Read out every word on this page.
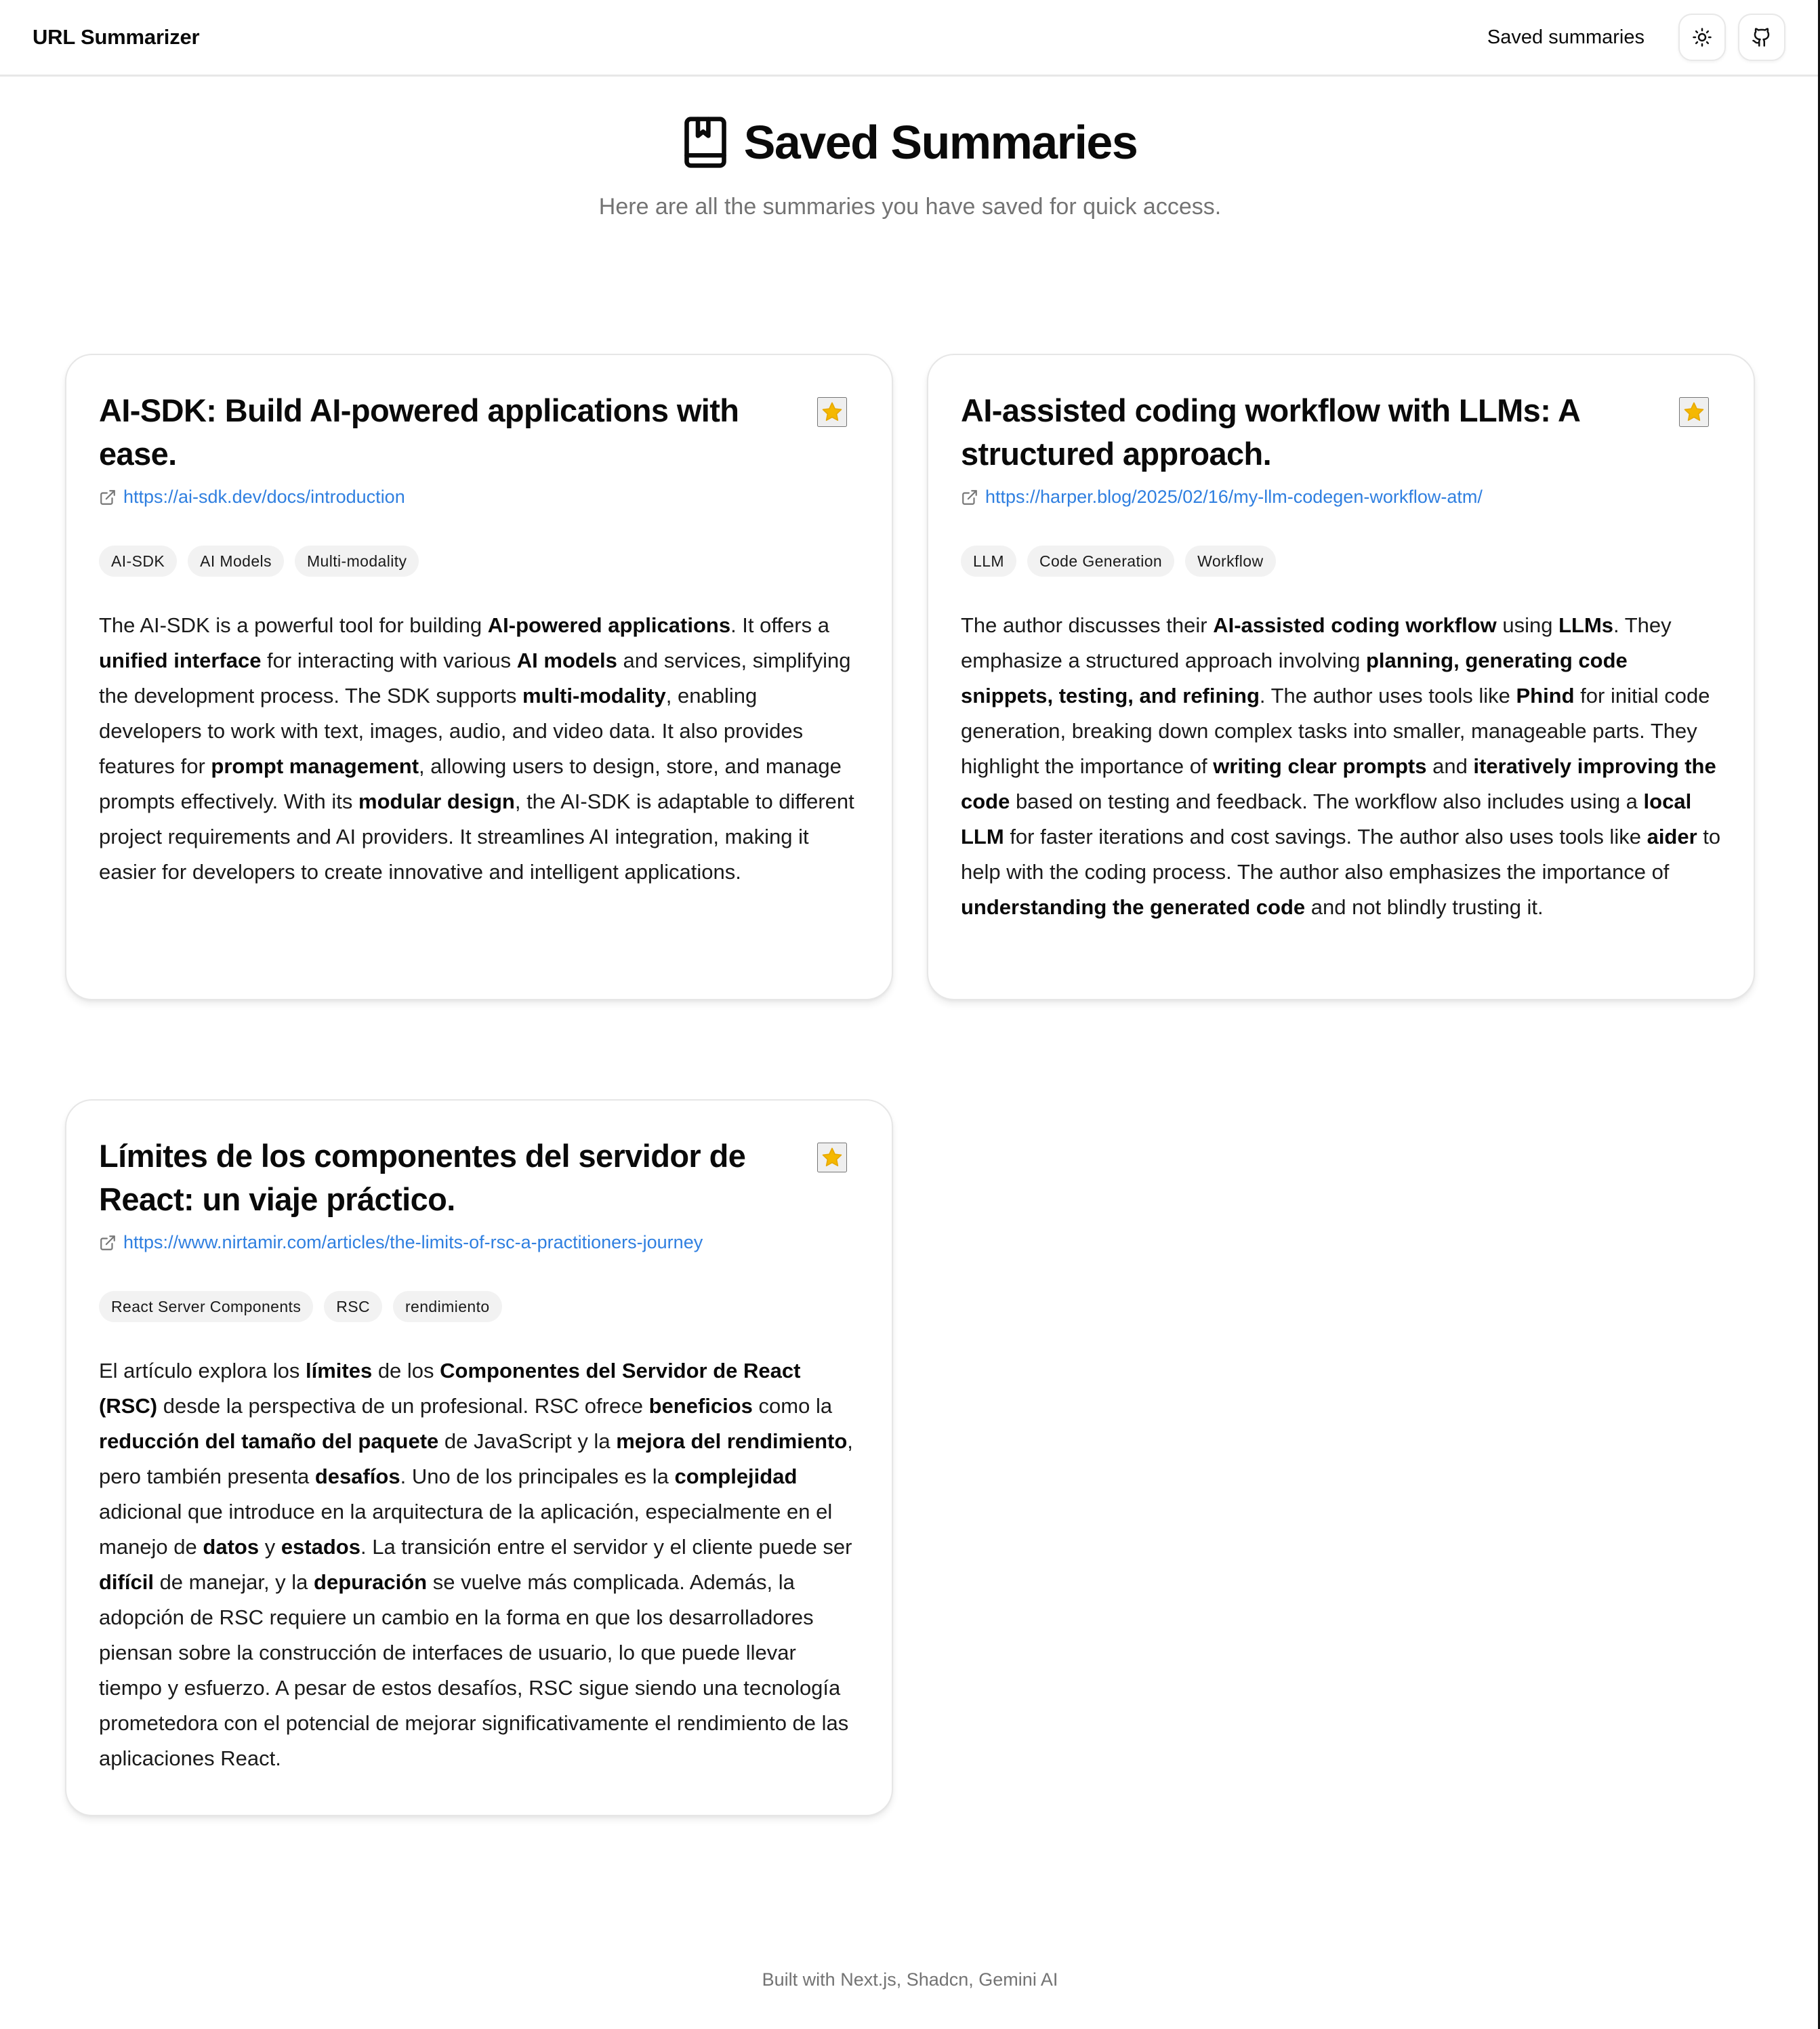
URL Summarizer	Saved summaries
Saved Summaries

Here are all the summaries you have saved for quick access.

AI-SDK: Build AI-powered applications with ease.
https://ai-sdk.dev/docs/introduction
AI-SDK	AI Models	Multi-modality

The AI-SDK is a powerful tool for building AI-powered applications. It offers a unified interface for interacting with various AI models and services, simplifying the development process. The SDK supports multi-modality, enabling developers to work with text, images, audio, and video data. It also provides features for prompt management, allowing users to design, store, and manage prompts effectively. With its modular design, the AI-SDK is adaptable to different project requirements and AI providers. It streamlines AI integration, making it easier for developers to create innovative and intelligent applications.

AI-assisted coding workflow with LLMs: A structured approach.
https://harper.blog/2025/02/16/my-llm-codegen-workflow-atm/
LLM	Code Generation	Workflow

The author discusses their AI-assisted coding workflow using LLMs. They emphasize a structured approach involving planning, generating code snippets, testing, and refining. The author uses tools like Phind for initial code generation, breaking down complex tasks into smaller, manageable parts. They highlight the importance of writing clear prompts and iteratively improving the code based on testing and feedback. The workflow also includes using a local LLM for faster iterations and cost savings. The author also uses tools like aider to help with the coding process. The author also emphasizes the importance of understanding the generated code and not blindly trusting it.

Límites de los componentes del servidor de React: un viaje práctico.
https://www.nirtamir.com/articles/the-limits-of-rsc-a-practitioners-journey
React Server Components	RSC	rendimiento

El artículo explora los límites de los Componentes del Servidor de React (RSC) desde la perspectiva de un profesional. RSC ofrece beneficios como la reducción del tamaño del paquete de JavaScript y la mejora del rendimiento, pero también presenta desafíos. Uno de los principales es la complejidad adicional que introduce en la arquitectura de la aplicación, especialmente en el manejo de datos y estados. La transición entre el servidor y el cliente puede ser difícil de manejar, y la depuración se vuelve más complicada. Además, la adopción de RSC requiere un cambio en la forma en que los desarrolladores piensan sobre la construcción de interfaces de usuario, lo que puede llevar tiempo y esfuerzo. A pesar de estos desafíos, RSC sigue siendo una tecnología prometedora con el potencial de mejorar significativamente el rendimiento de las aplicaciones React.

Built with Next.js, Shadcn, Gemini AI
